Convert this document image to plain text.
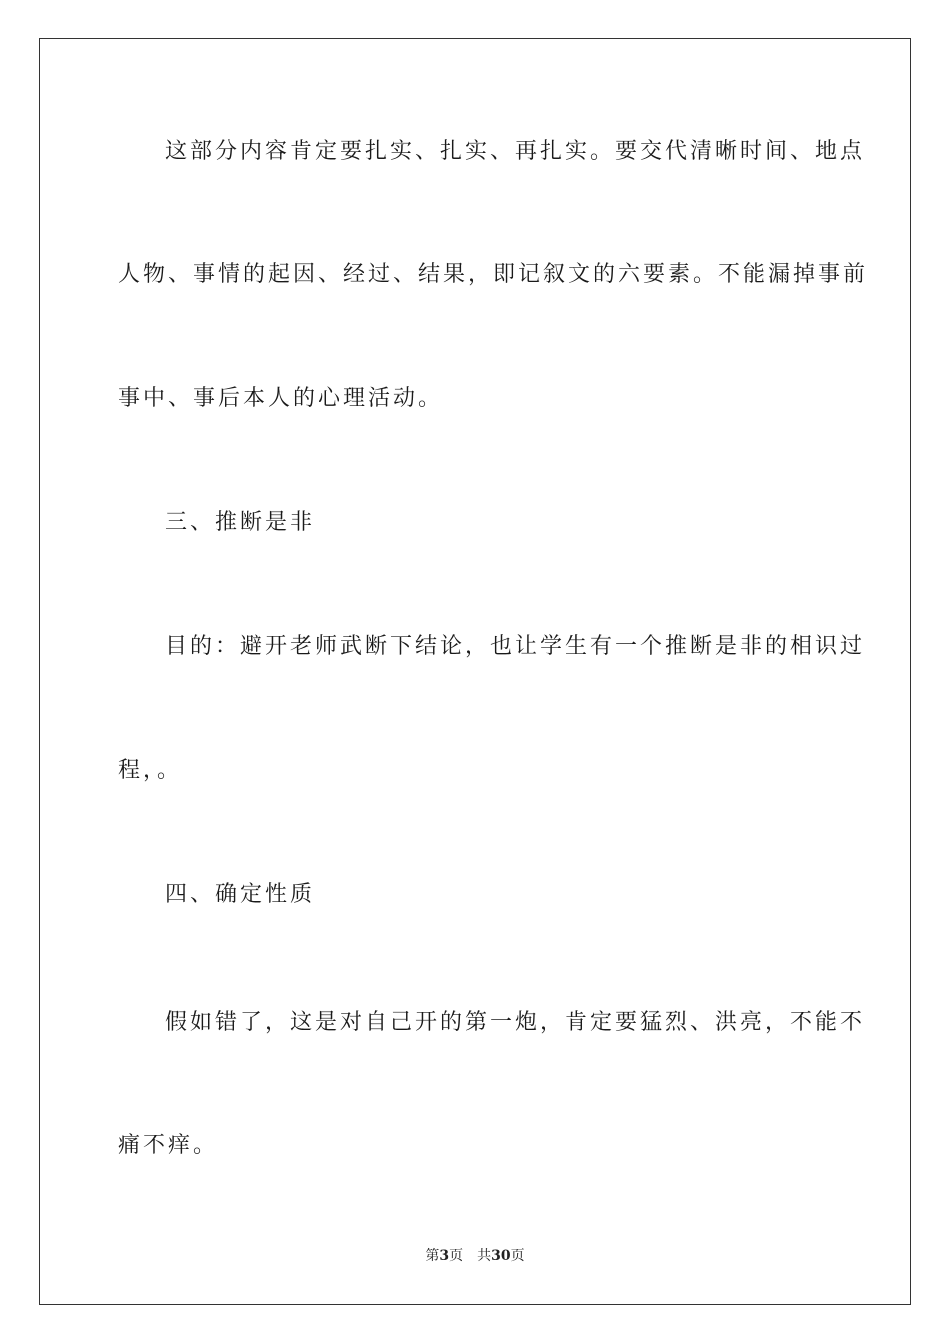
这部分内容肯定要扎实、扎实、再扎实。要交代清晰时间、地点

人物、事情的起因、经过、结果，即记叙文的六要素。不能漏掉事前

事中、事后本人的心理活动。

三、推断是非

目的：避开老师武断下结论，也让学生有一个推断是非的相识过

程，。

四、确定性质

假如错了，这是对自己开的第一炮，肯定要猛烈、洪亮，不能不

痛不痒。

第3页 共30页
